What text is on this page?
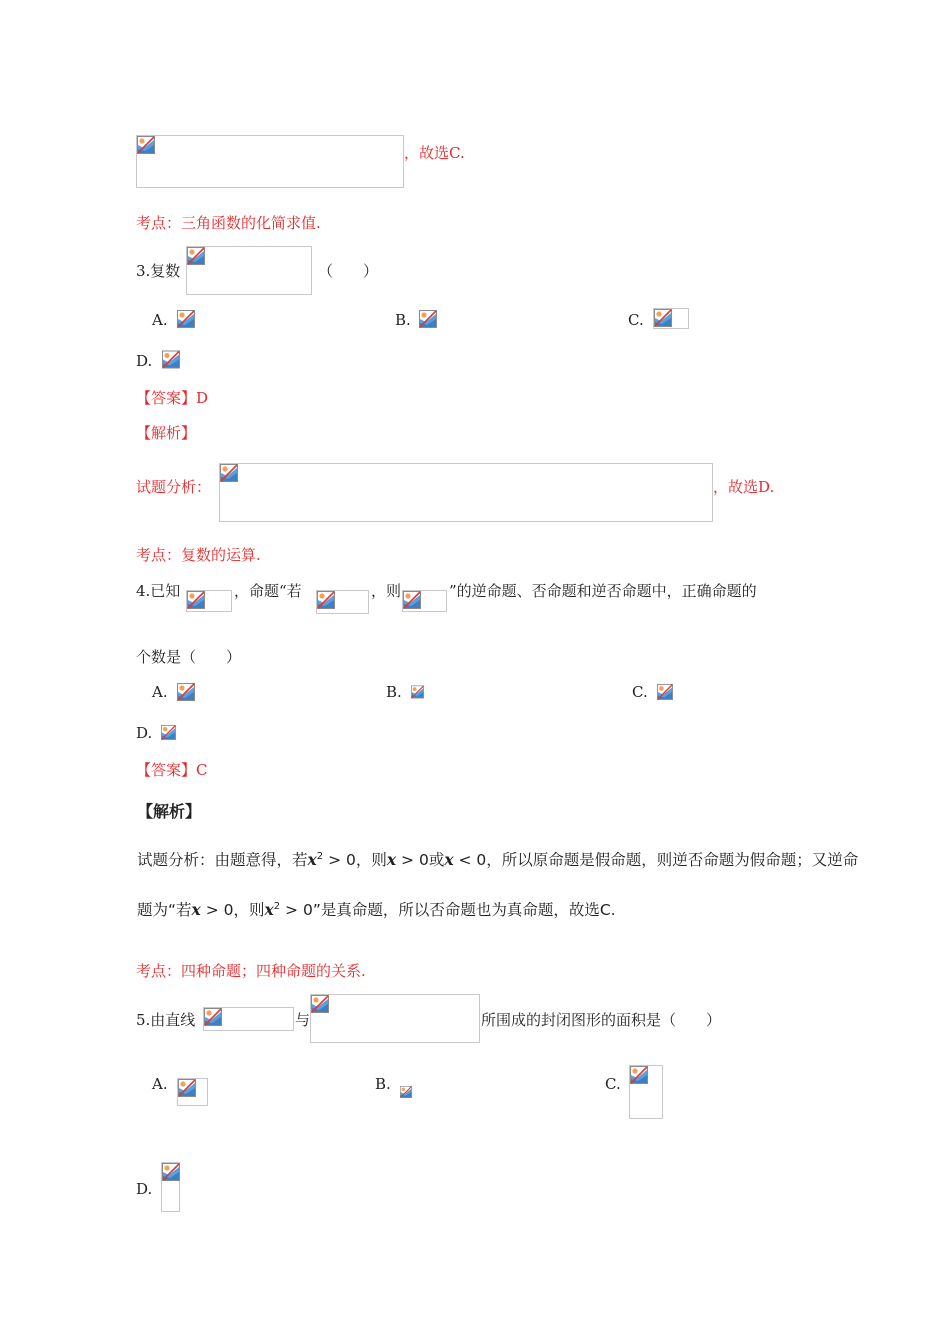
，故选C.
考点：三角函数的化简求值.
3.复数	（　　）
A.	B.	C.
D.
【答案】D
【解析】
试题分析：	，故选D.
考点：复数的运算.
4.已知	，命题“若	，则	”的逆命题、否命题和逆否命题中，正确命题的
个数是（　　）
A.	B.	C.
D.
【答案】C
【解析】
试题分析：由题意得，若$x^2 > 0$，则x > 0或x < 0，所以原命题是假命题，则逆否命题为假命题；又逆命
题为“若x > 0，则$x^2 > 0$”是真命题，所以否命题也为真命题，故选C.
考点：四种命题；四种命题的关系.
5.由直线	与	所围成的封闭图形的面积是（　　）
A.	B.	C.
D.
